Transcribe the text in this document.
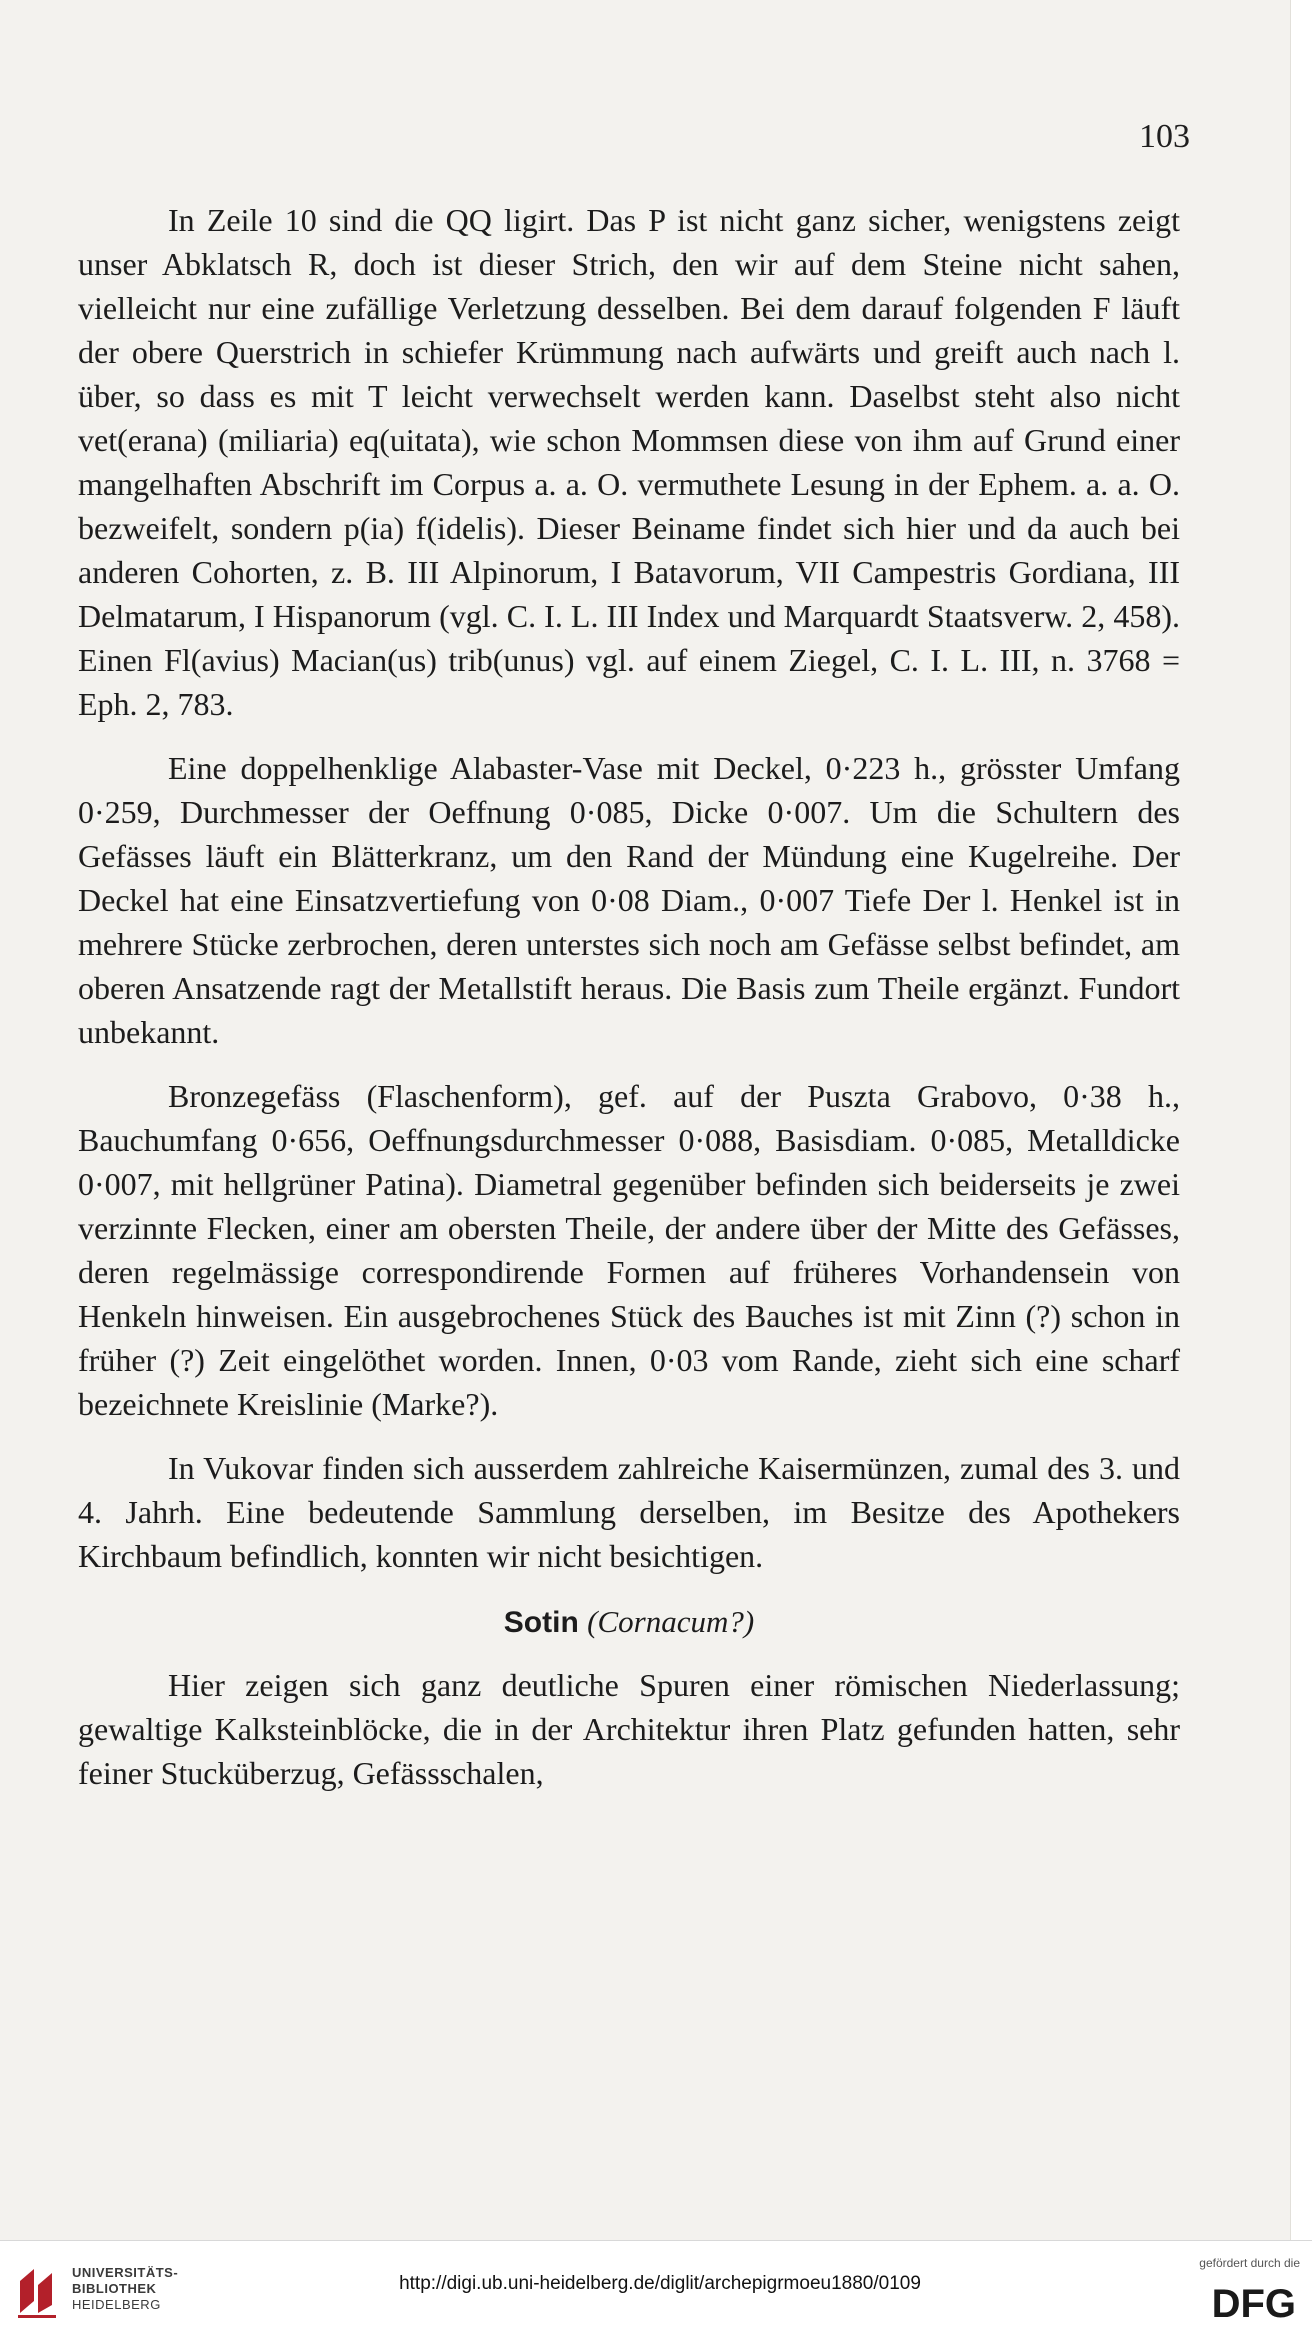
103

In Zeile 10 sind die QQ ligirt. Das P ist nicht ganz sicher, wenigstens zeigt unser Abklatsch R, doch ist dieser Strich, den wir auf dem Steine nicht sahen, vielleicht nur eine zufällige Verletzung desselben. Bei dem darauf folgenden F läuft der obere Querstrich in schiefer Krümmung nach aufwärts und greift auch nach l. über, so dass es mit T leicht verwechselt werden kann. Daselbst steht also nicht vet(erana) (miliaria) eq(uitata), wie schon Mommsen diese von ihm auf Grund einer mangelhaften Abschrift im Corpus a. a. O. vermuthete Lesung in der Ephem. a. a. O. bezweifelt, sondern p(ia) f(idelis). Dieser Beiname findet sich hier und da auch bei anderen Cohorten, z. B. III Alpinorum, I Batavorum, VII Campestris Gordiana, III Delmatarum, I Hispanorum (vgl. C. I. L. III Index und Marquardt Staatsverw. 2, 458). Einen Fl(avius) Macian(us) trib(unus) vgl. auf einem Ziegel, C. I. L. III, n. 3768 = Eph. 2, 783.

Eine doppelhenklige Alabaster-Vase mit Deckel, 0·223 h., grösster Umfang 0·259, Durchmesser der Oeffnung 0·085, Dicke 0·007. Um die Schultern des Gefässes läuft ein Blätterkranz, um den Rand der Mündung eine Kugelreihe. Der Deckel hat eine Einsatzvertiefung von 0·08 Diam., 0·007 Tiefe Der l. Henkel ist in mehrere Stücke zerbrochen, deren unterstes sich noch am Gefässe selbst befindet, am oberen Ansatzende ragt der Metallstift heraus. Die Basis zum Theile ergänzt. Fundort unbekannt.

Bronzegefäss (Flaschenform), gef. auf der Puszta Grabovo, 0·38 h., Bauchumfang 0·656, Oeffnungsdurchmesser 0·088, Basisdiam. 0·085, Metalldicke 0·007, mit hellgrüner Patina). Diametral gegenüber befinden sich beiderseits je zwei verzinnte Flecken, einer am obersten Theile, der andere über der Mitte des Gefässes, deren regelmässige correspondirende Formen auf früheres Vorhandensein von Henkeln hinweisen. Ein ausgebrochenes Stück des Bauches ist mit Zinn (?) schon in früher (?) Zeit eingelöthet worden. Innen, 0·03 vom Rande, zieht sich eine scharf bezeichnete Kreislinie (Marke?).

In Vukovar finden sich ausserdem zahlreiche Kaisermünzen, zumal des 3. und 4. Jahrh. Eine bedeutende Sammlung derselben, im Besitze des Apothekers Kirchbaum befindlich, konnten wir nicht besichtigen.

Sotin (Cornacum?)

Hier zeigen sich ganz deutliche Spuren einer römischen Niederlassung; gewaltige Kalksteinblöcke, die in der Architektur ihren Platz gefunden hatten, sehr feiner Stucküberzug, Gefässschalen,

UNIVERSITÄTS-
BIBLIOTHEK
HEIDELBERG
http://digi.ub.uni-heidelberg.de/diglit/archepigrmoeu1880/0109
gefördert durch die
DFG
